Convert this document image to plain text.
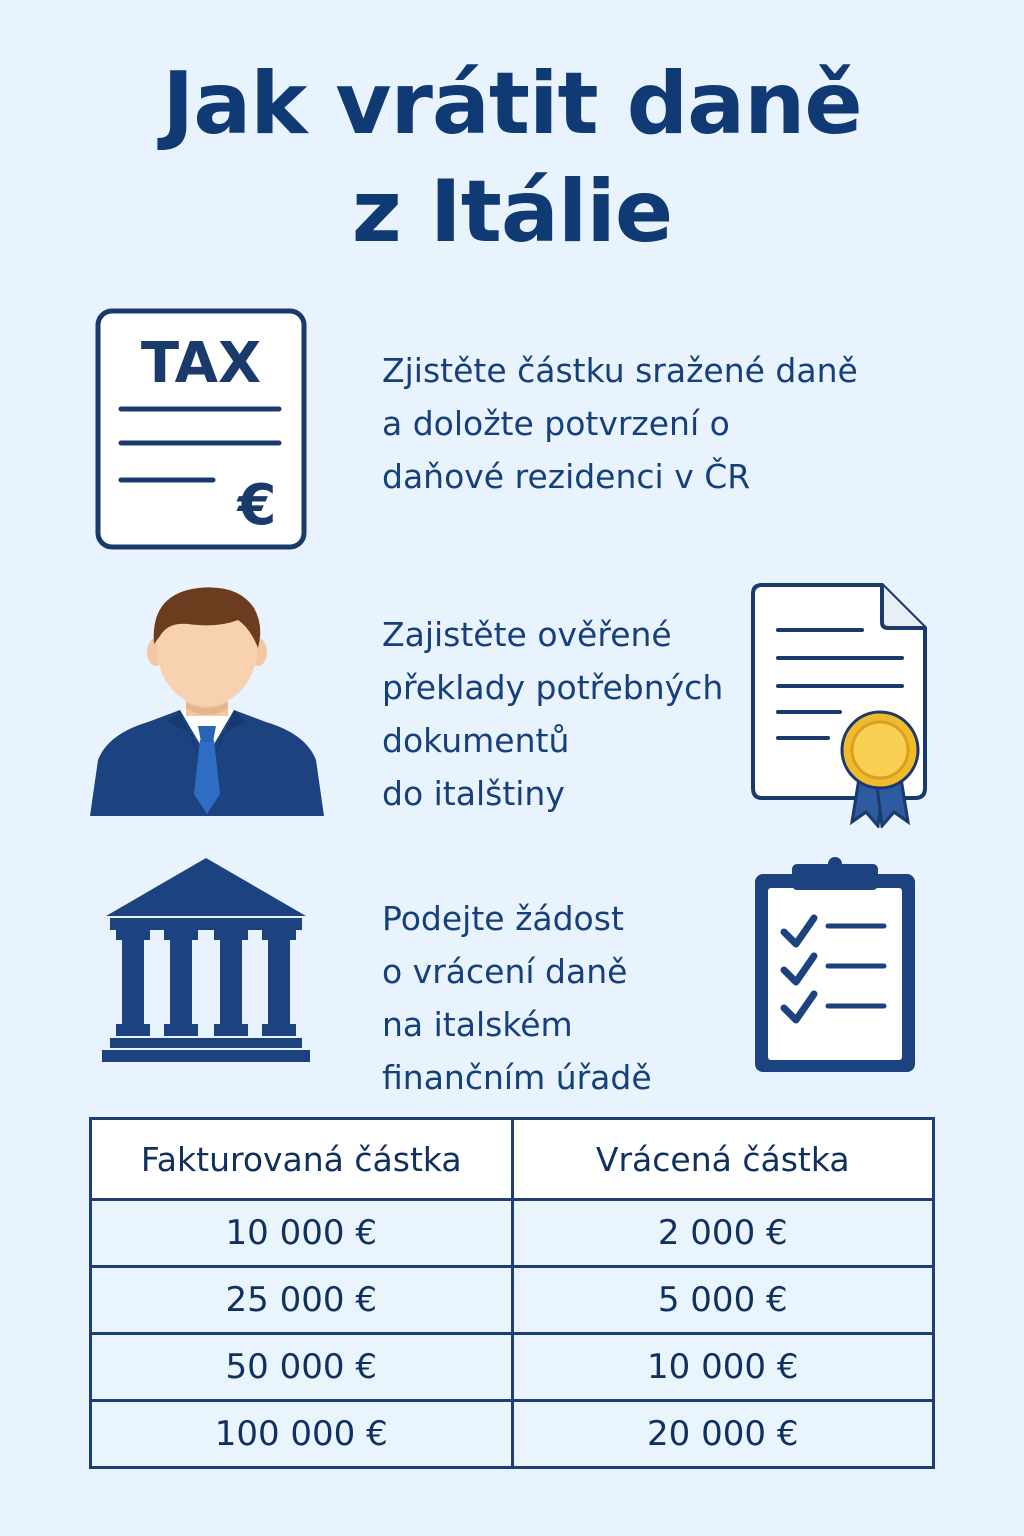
Jak vrátit daně
z Itálie
TAX
€
Zjistěte částku sražené daně
a doložte potvrzení o
daňové rezidenci v ČR
Zajistěte ověřené
překlady potřebných
dokumentů
do italštiny
Podejte žádost
o vrácení daně
na italském
finančním úřadě
Fakturovaná částka	Vrácená částka
10 000 €	2 000 €
25 000 €	5 000 €
50 000 €	10 000 €
100 000 €	20 000 €
